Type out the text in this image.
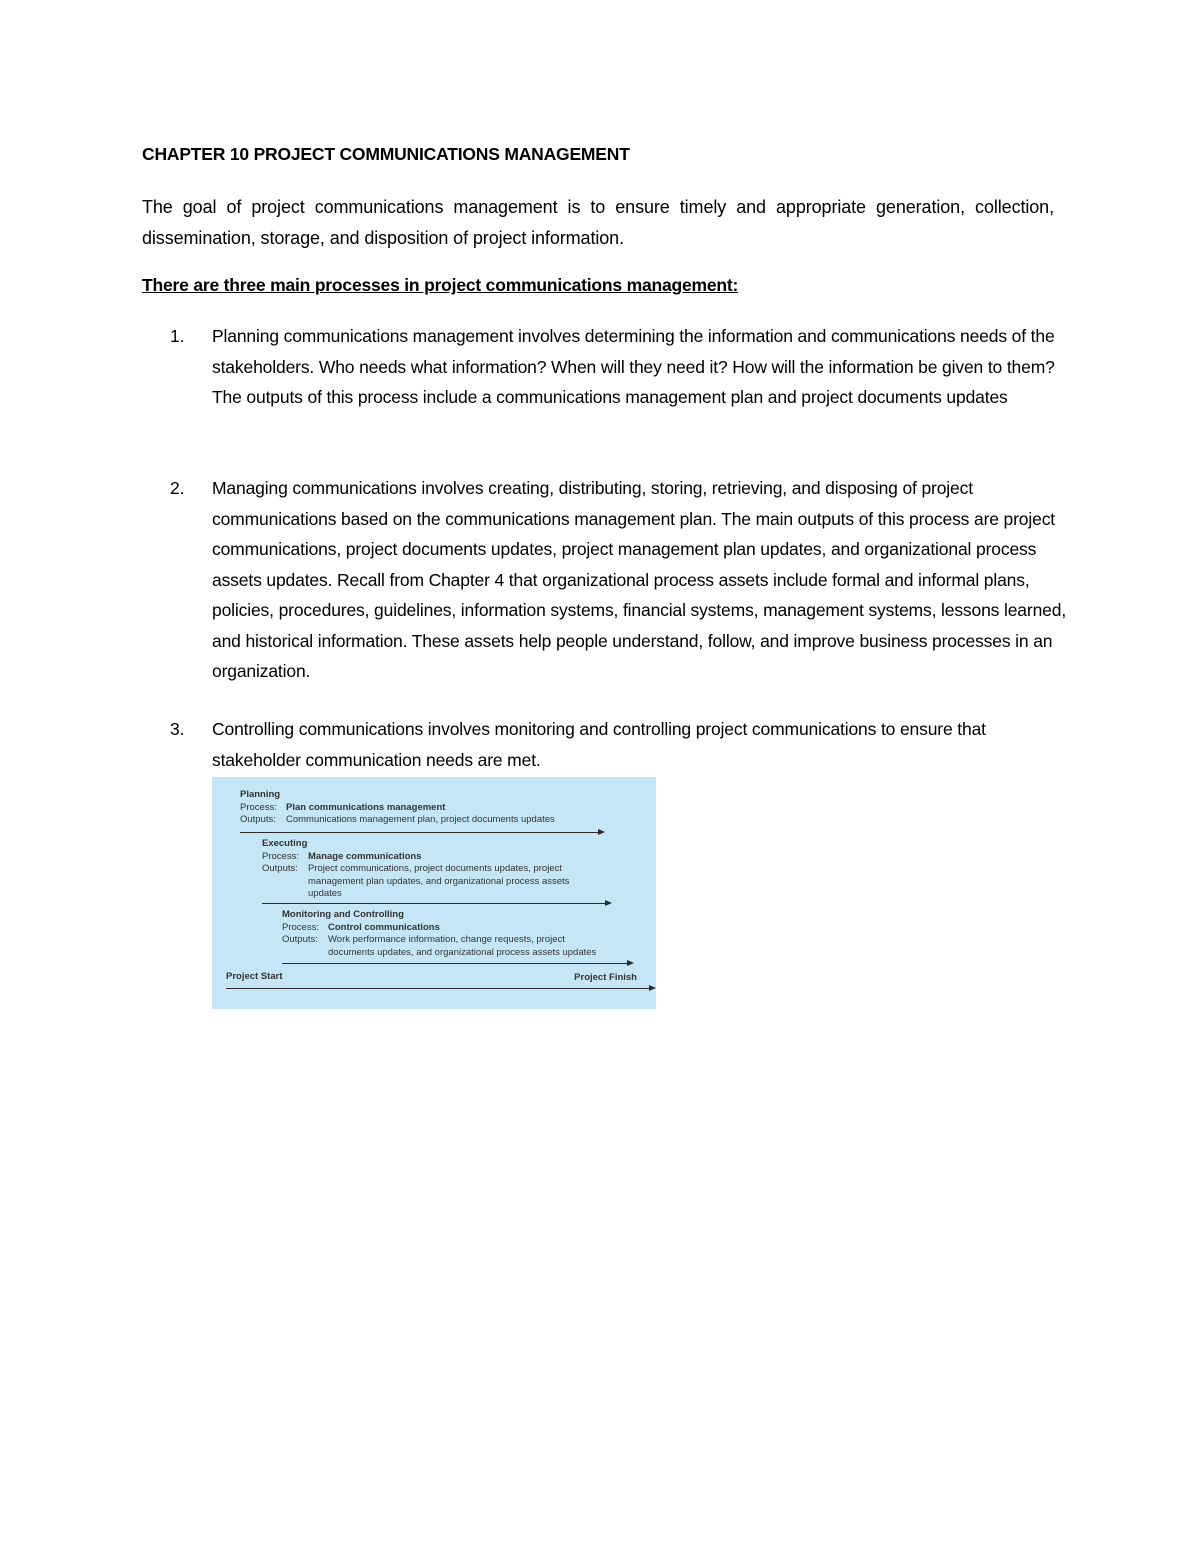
CHAPTER 10 PROJECT COMMUNICATIONS MANAGEMENT
The goal of project communications management is to ensure timely and appropriate generation, collection, dissemination, storage, and disposition of project information.
There are three main processes in project communications management:
1. Planning communications management involves determining the information and communications needs of the stakeholders. Who needs what information? When will they need it? How will the information be given to them? The outputs of this process include a communications management plan and project documents updates
2. Managing communications involves creating, distributing, storing, retrieving, and disposing of project communications based on the communications management plan. The main outputs of this process are project communications, project documents updates, project management plan updates, and organizational process assets updates. Recall from Chapter 4 that organizational process assets include formal and informal plans, policies, procedures, guidelines, information systems, financial systems, management systems, lessons learned, and historical information. These assets help people understand, follow, and improve business processes in an organization.
3. Controlling communications involves monitoring and controlling project communications to ensure that stakeholder communication needs are met.
Planning
Process: Plan communications management
Outputs:	Communications management plan, project documents updates
Executing
Process: Manage communications
Outputs:	Project communications, project documents updates, project
management plan updates, and organizational process assets
updates
Monitoring and Controlling
Process: Control communications
Outputs:	Work performance information, change requests, project
documents updates, and organizational process assets updates
Project Start	Project Finish
